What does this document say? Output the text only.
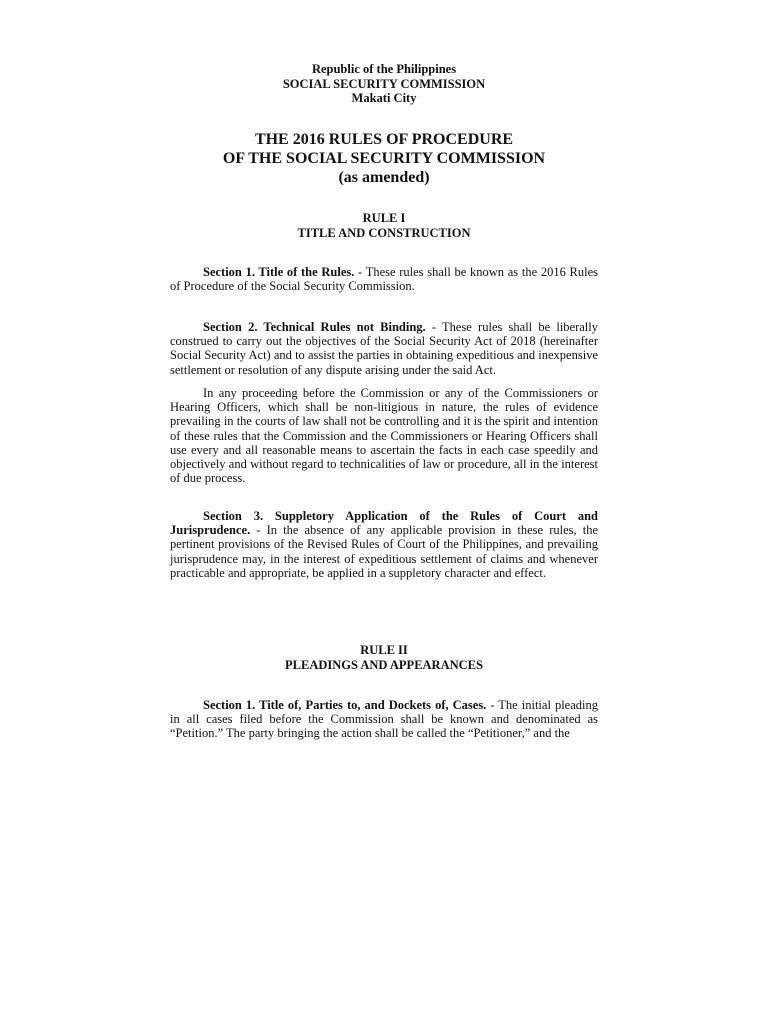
Republic of the Philippines
SOCIAL SECURITY COMMISSION
Makati City
THE 2016 RULES OF PROCEDURE
OF THE SOCIAL SECURITY COMMISSION
(as amended)
RULE I
TITLE AND CONSTRUCTION
Section 1. Title of the Rules. - These rules shall be known as the 2016 Rules of Procedure of the Social Security Commission.
Section 2. Technical Rules not Binding. - These rules shall be liberally construed to carry out the objectives of the Social Security Act of 2018 (hereinafter Social Security Act) and to assist the parties in obtaining expeditious and inexpensive settlement or resolution of any dispute arising under the said Act.
In any proceeding before the Commission or any of the Commissioners or Hearing Officers, which shall be non-litigious in nature, the rules of evidence prevailing in the courts of law shall not be controlling and it is the spirit and intention of these rules that the Commission and the Commissioners or Hearing Officers shall use every and all reasonable means to ascertain the facts in each case speedily and objectively and without regard to technicalities of law or procedure, all in the interest of due process.
Section 3. Suppletory Application of the Rules of Court and Jurisprudence. - In the absence of any applicable provision in these rules, the pertinent provisions of the Revised Rules of Court of the Philippines, and prevailing jurisprudence may, in the interest of expeditious settlement of claims and whenever practicable and appropriate, be applied in a suppletory character and effect.
RULE II
PLEADINGS AND APPEARANCES
Section 1. Title of, Parties to, and Dockets of, Cases. - The initial pleading in all cases filed before the Commission shall be known and denominated as “Petition.” The party bringing the action shall be called the “Petitioner,” and the
